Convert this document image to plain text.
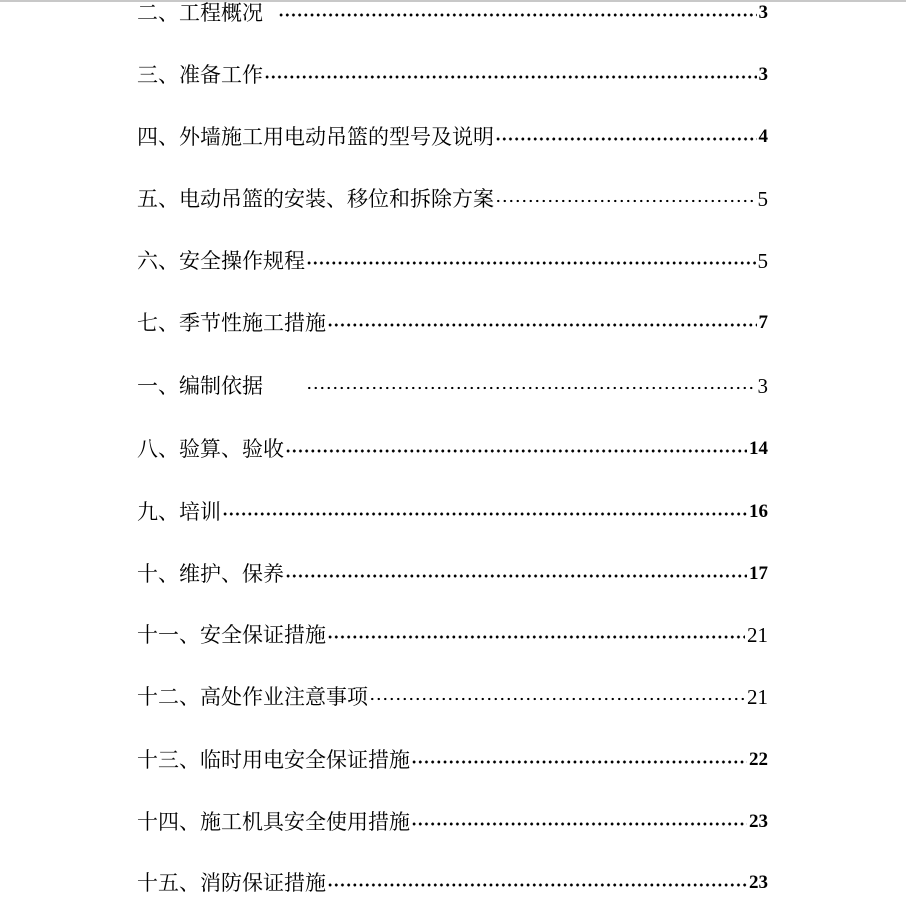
二、工程概况	3
三、准备工作	3
四、外墙施工用电动吊篮的型号及说明	4
五、电动吊篮的安装、移位和拆除方案	5
六、安全操作规程	5
七、季节性施工措施	7
一、编制依据	3
八、验算、验收	14
九、培训	16
十、维护、保养	17
十一、安全保证措施	21
十二、高处作业注意事项	21
十三、临时用电安全保证措施	22
十四、施工机具安全使用措施	23
十五、消防保证措施	23
